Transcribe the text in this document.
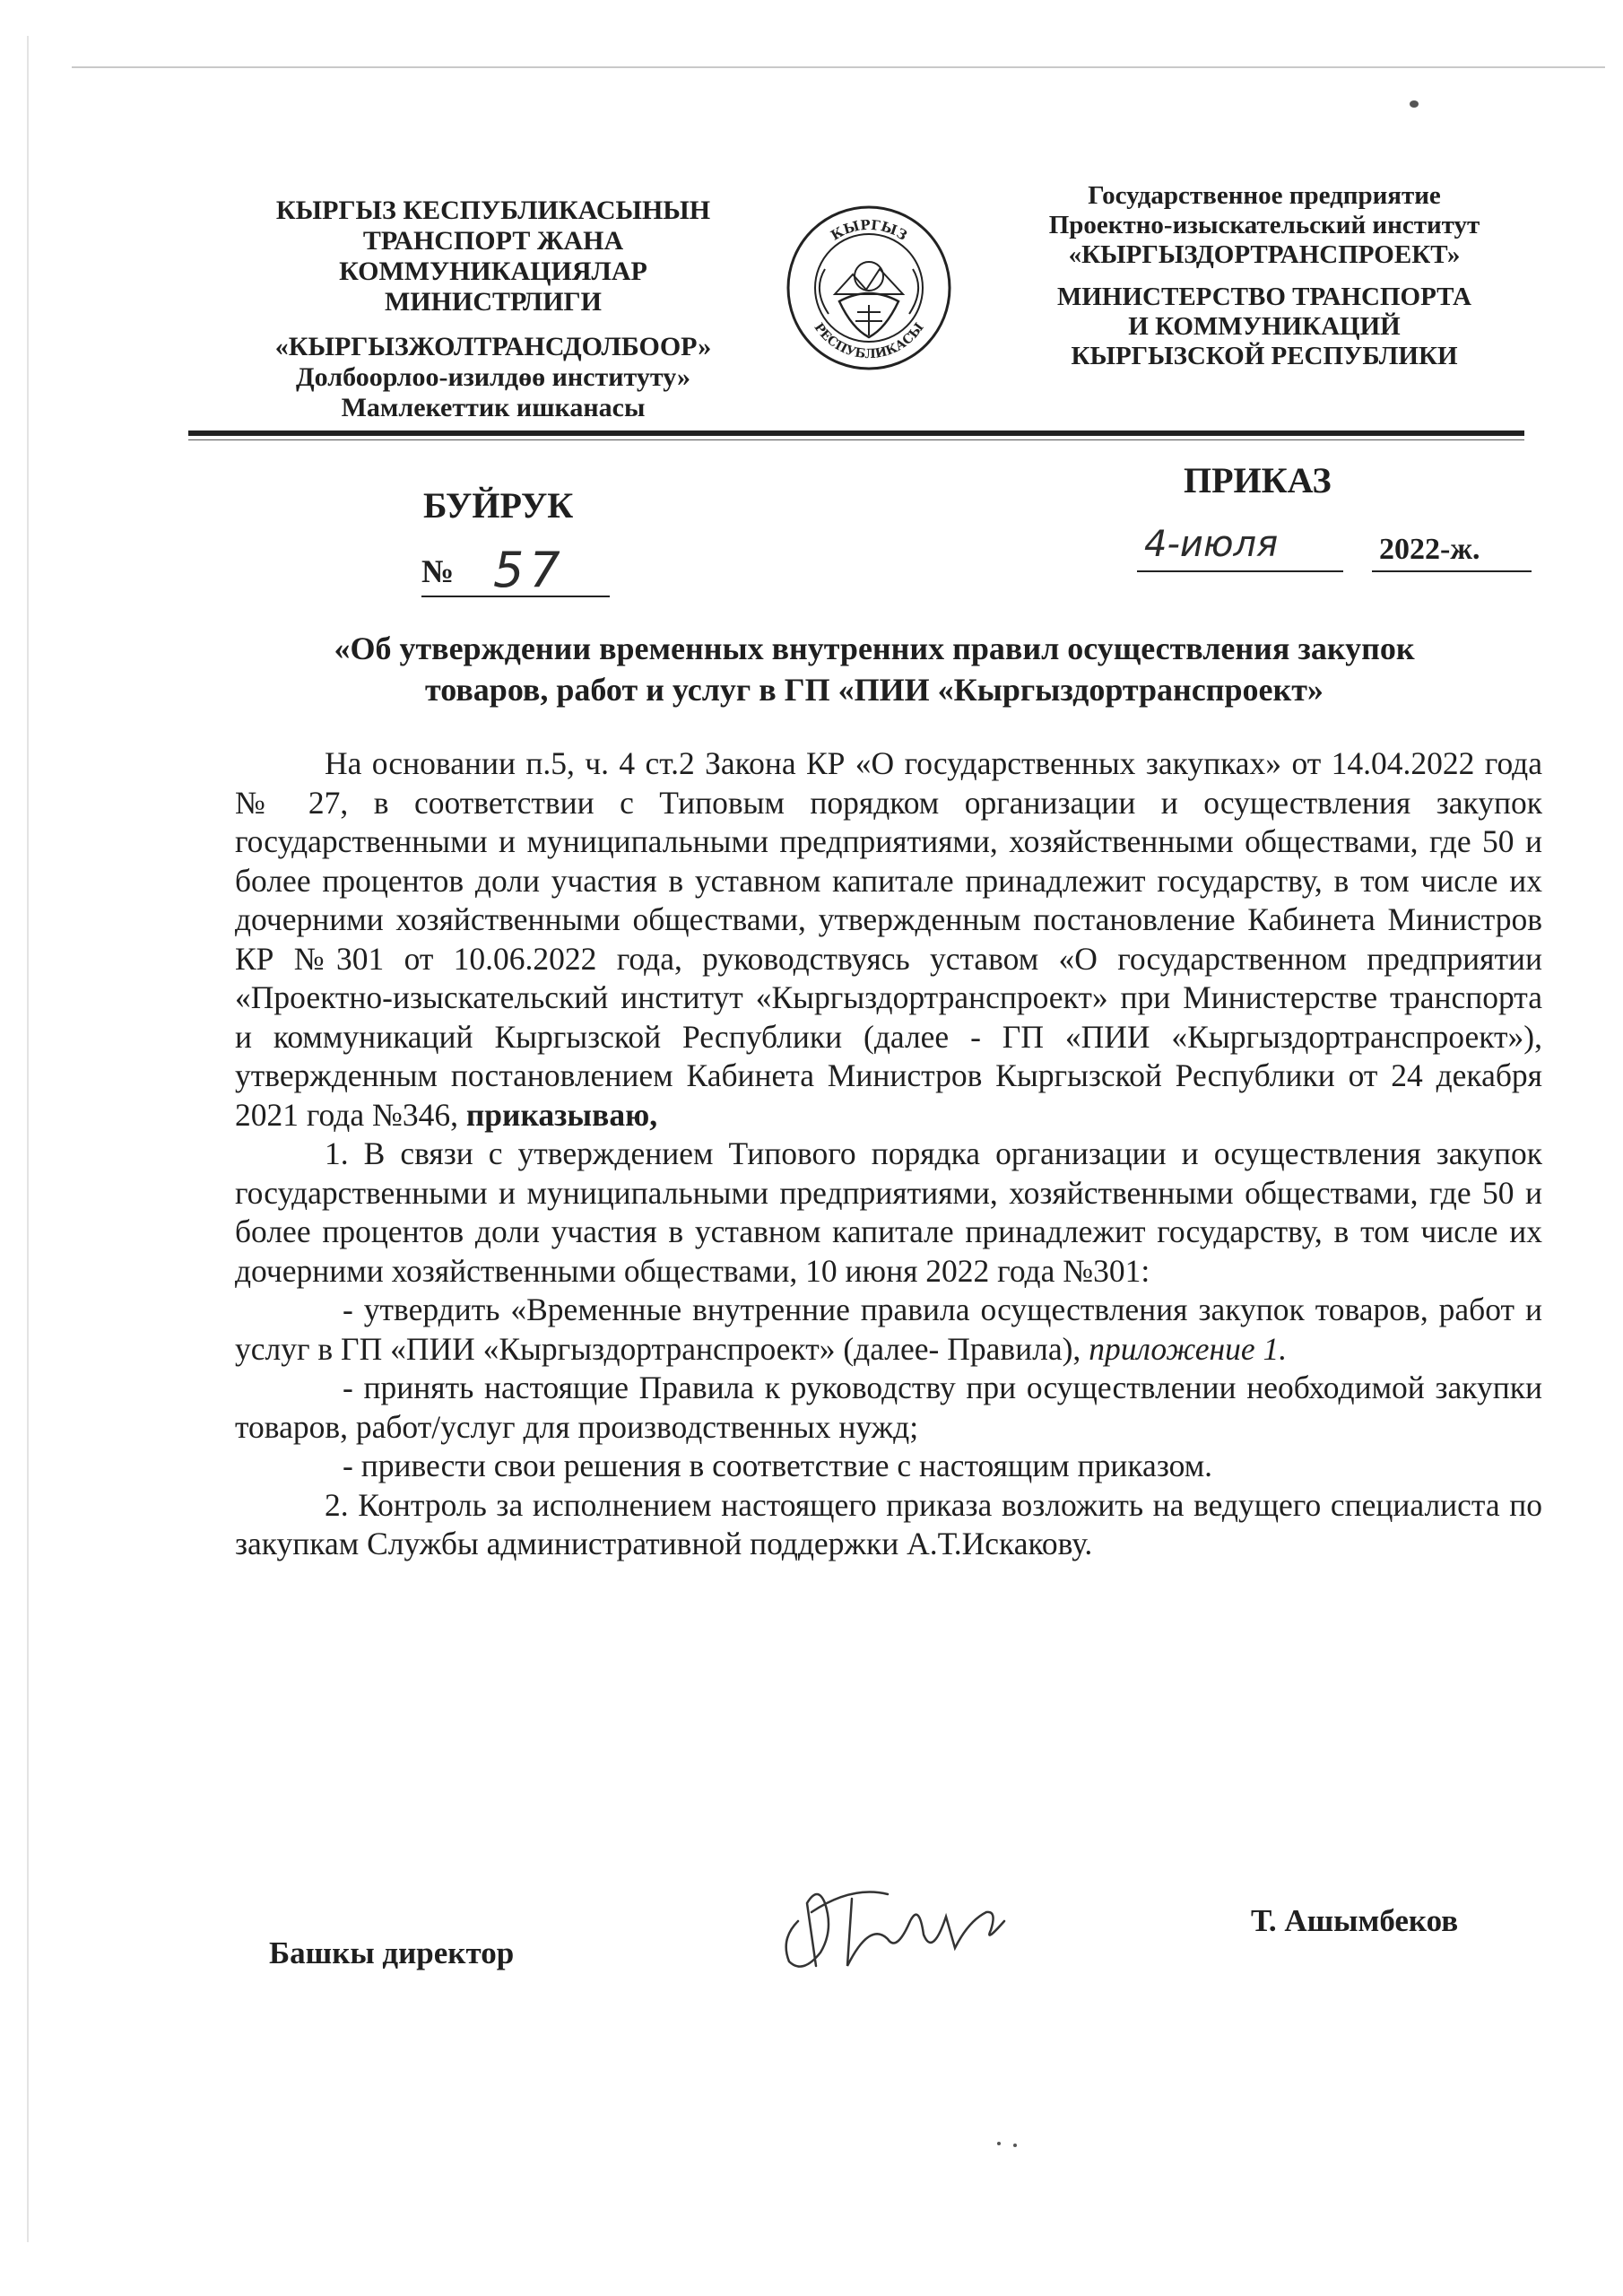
КЫРГЫЗ КЕСПУБЛИКАСЫНЫН
ТРАНСПОРТ ЖАНА
КОММУНИКАЦИЯЛАР
МИНИСТРЛИГИ
«КЫРГЫЗЖОЛТРАНСДОЛБООР»
Долбоорлоо-изилдөө институту»
Мамлекеттик ишканасы
КЫРГЫЗ
РЕСПУБЛИКАСЫ
Государственное предприятие
Проектно-изыскательский институт
«КЫРГЫЗДОРТРАНСПРОЕКТ»
МИНИСТЕРСТВО ТРАНСПОРТА
И КОММУНИКАЦИЙ
КЫРГЫЗСКОЙ РЕСПУБЛИКИ
БУЙРУК
ПРИКАЗ
№ 57	4-июля	2022-ж.
«Об утверждении временных внутренних правил осуществления закупок
товаров, работ и услуг в ГП «ПИИ «Кыргыздортранспроект»

На основании п.5, ч. 4 ст.2 Закона КР «О государственных закупках» от 14.04.2022 года № 27, в соответствии с Типовым порядком организации и осуществления закупок государственными и муниципальными предприятиями, хозяйственными обществами, где 50 и более процентов доли участия в уставном капитале принадлежит государству, в том числе их дочерними хозяйственными обществами, утвержденным постановление Кабинета Министров КР №301 от 10.06.2022 года, руководствуясь уставом «О государственном предприятии «Проектно-изыскательский институт «Кыргыздортранспроект» при Министерстве транспорта и коммуникаций Кыргызской Республики (далее - ГП «ПИИ «Кыргыздортранспроект»), утвержденным постановлением Кабинета Министров Кыргызской Республики от 24 декабря 2021 года №346, приказываю,

1. В связи с утверждением Типового порядка организации и осуществления закупок государственными и муниципальными предприятиями, хозяйственными обществами, где 50 и более процентов доли участия в уставном капитале принадлежит государству, в том числе их дочерними хозяйственными обществами, 10 июня 2022 года №301:

- утвердить «Временные внутренние правила осуществления закупок товаров, работ и услуг в ГП «ПИИ «Кыргыздортранспроект» (далее- Правила), приложение 1.

- принять настоящие Правила к руководству при осуществлении необходимой закупки товаров, работ/услуг для производственных нужд;

- привести свои решения в соответствие с настоящим приказом.

2. Контроль за исполнением настоящего приказа возложить на ведущего специалиста по закупкам Службы административной поддержки А.Т.Искакову.

Башкы директор
Т. Ашымбеков
